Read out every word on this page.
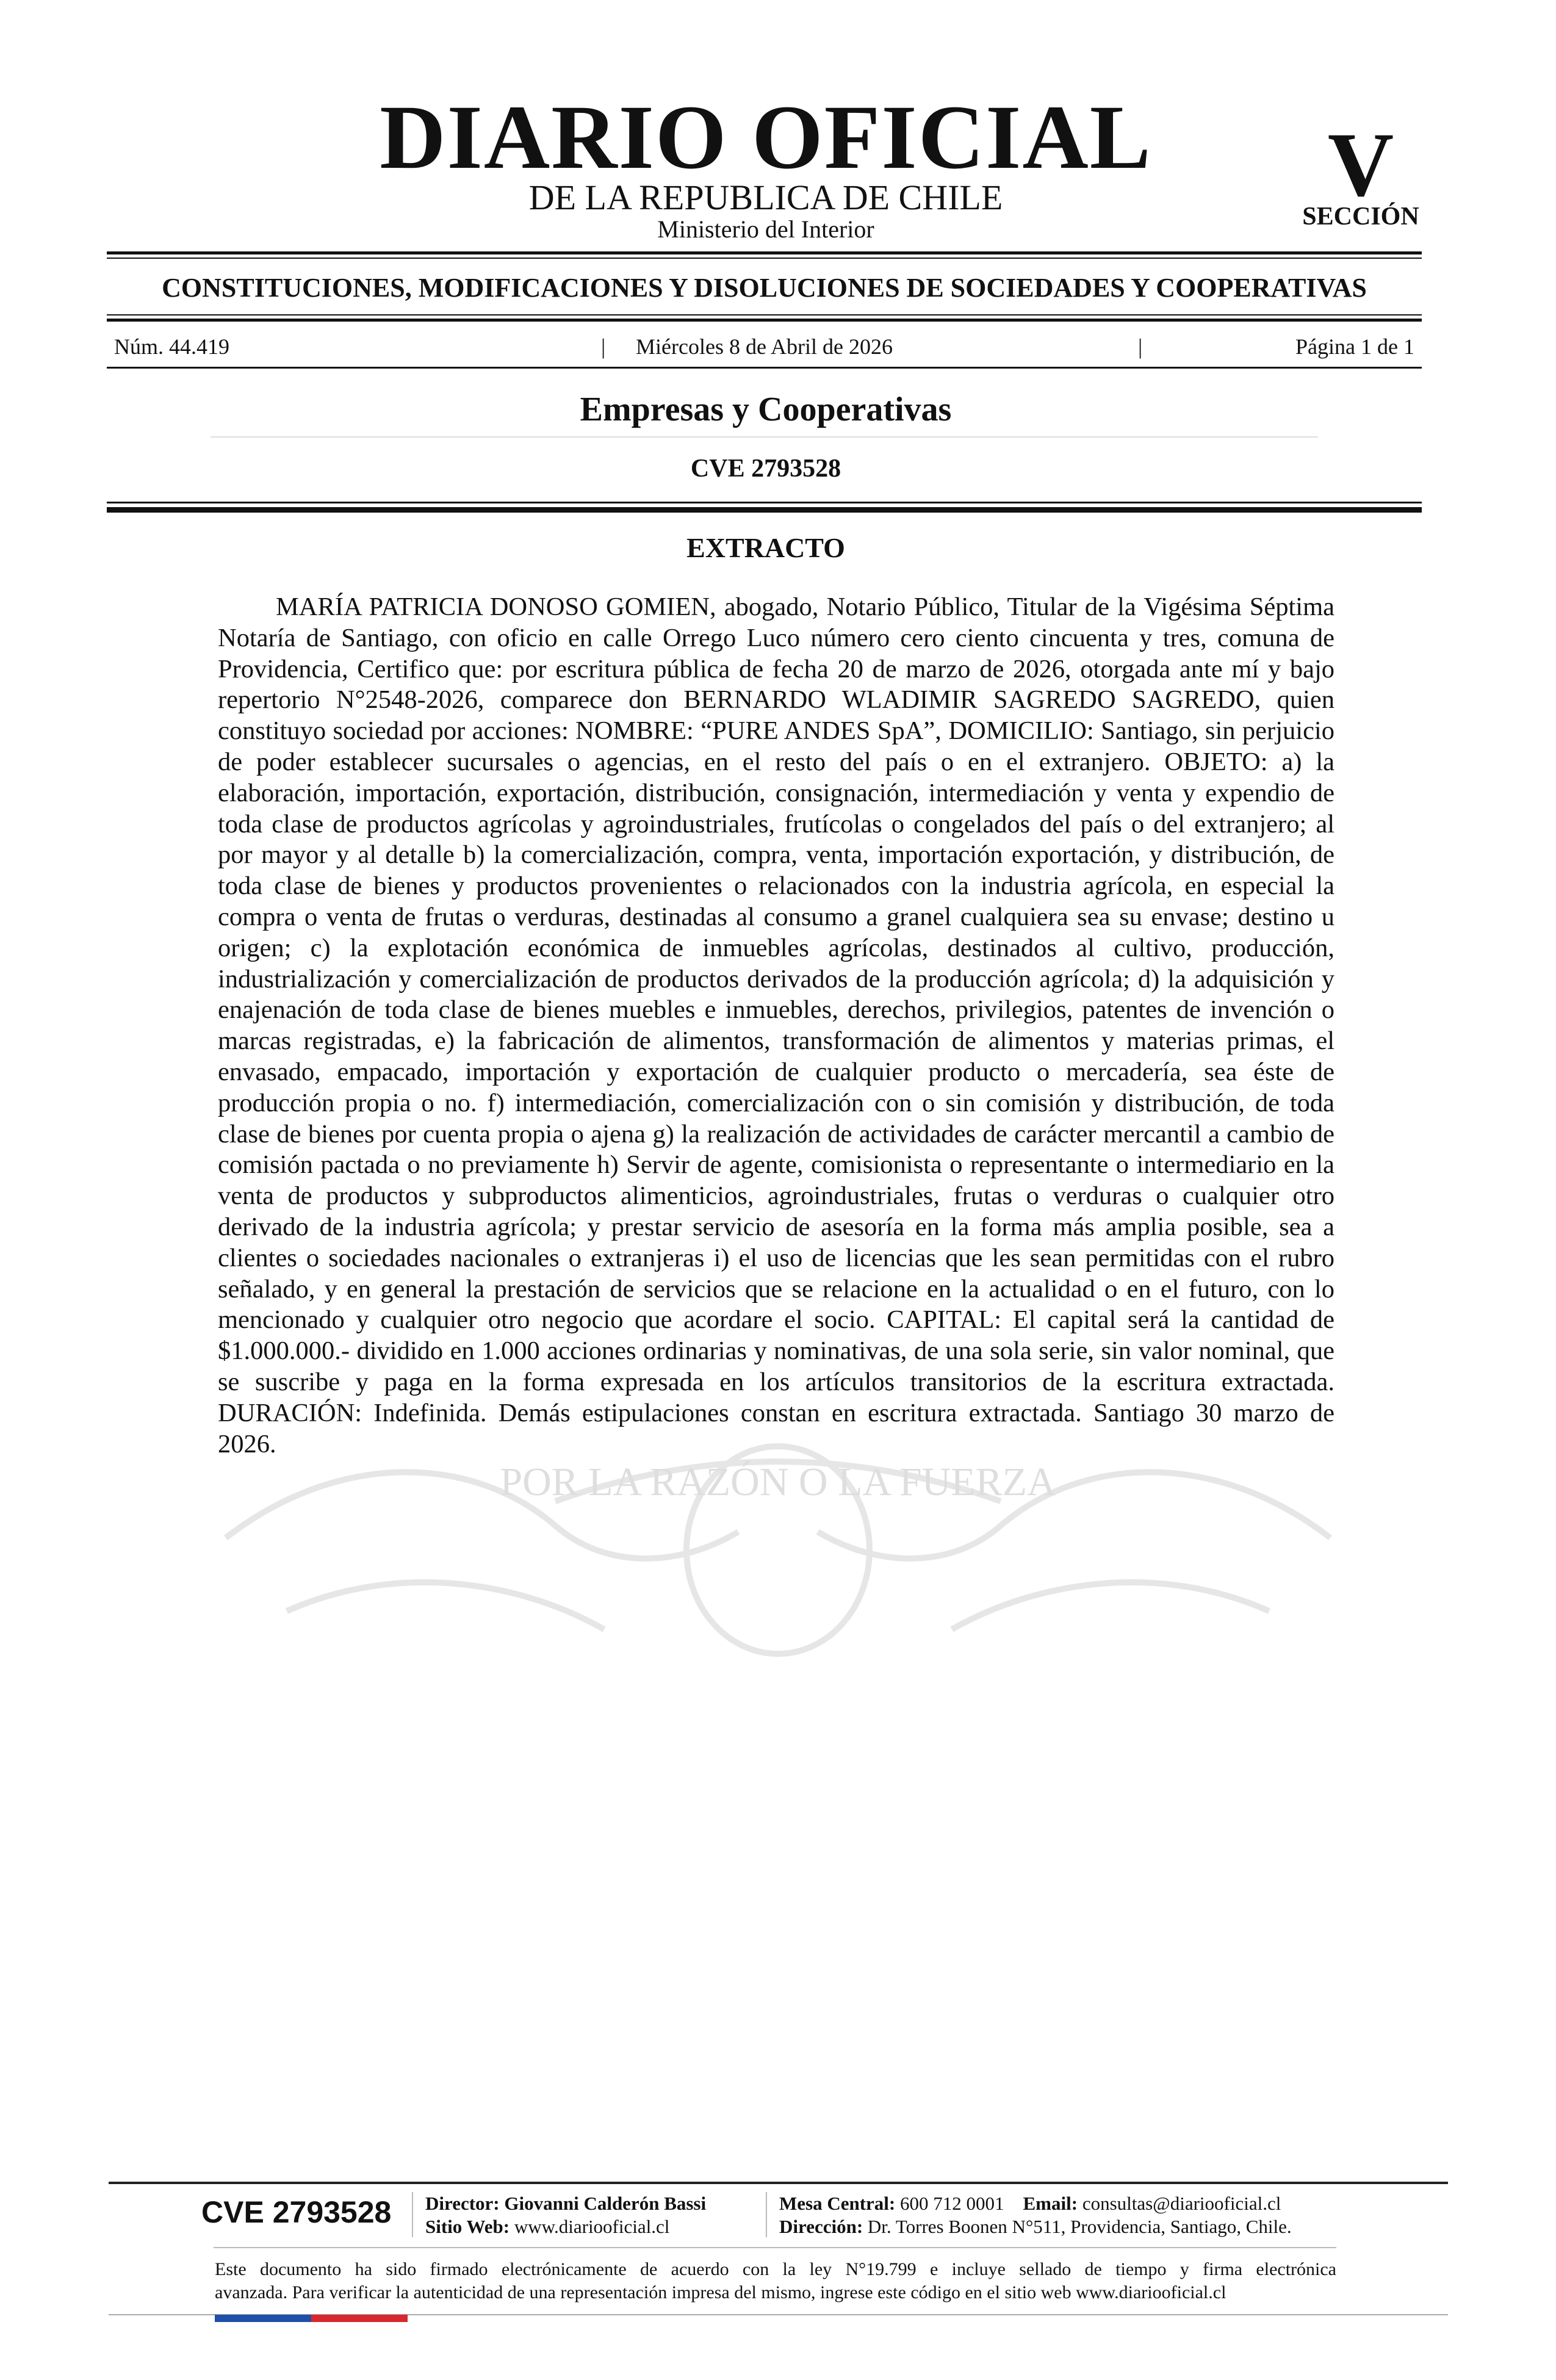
DIARIO OFICIAL
DE LA REPUBLICA DE CHILE
Ministerio del Interior
V
SECCIÓN
CONSTITUCIONES, MODIFICACIONES Y DISOLUCIONES DE SOCIEDADES Y COOPERATIVAS
Núm. 44.419	|	Miércoles 8 de Abril de 2026	|	Página 1 de 1
Empresas y Cooperativas
CVE 2793528
EXTRACTO

MARÍA PATRICIA DONOSO GOMIEN, abogado, Notario Público, Titular de la Vigésima Séptima Notaría de Santiago, con oficio en calle Orrego Luco número cero ciento cincuenta y tres, comuna de Providencia, Certifico que: por escritura pública de fecha 20 de marzo de 2026, otorgada ante mí y bajo repertorio N°2548-2026, comparece don BERNARDO WLADIMIR SAGREDO SAGREDO, quien constituyo sociedad por acciones: NOMBRE: “PURE ANDES SpA”, DOMICILIO: Santiago, sin perjuicio de poder establecer sucursales o agencias, en el resto del país o en el extranjero. OBJETO: a) la elaboración, importación, exportación, distribución, consignación, intermediación y venta y expendio de toda clase de productos agrícolas y agroindustriales, frutícolas o congelados del país o del extranjero; al por mayor y al detalle b) la comercialización, compra, venta, importación exportación, y distribución, de toda clase de bienes y productos provenientes o relacionados con la industria agrícola, en especial la compra o venta de frutas o verduras, destinadas al consumo a granel cualquiera sea su envase; destino u origen; c) la explotación económica de inmuebles agrícolas, destinados al cultivo, producción, industrialización y comercialización de productos derivados de la producción agrícola; d) la adquisición y enajenación de toda clase de bienes muebles e inmuebles, derechos, privilegios, patentes de invención o marcas registradas, e) la fabricación de alimentos, transformación de alimentos y materias primas, el envasado, empacado, importación y exportación de cualquier producto o mercadería, sea éste de producción propia o no. f) intermediación, comercialización con o sin comisión y distribución, de toda clase de bienes por cuenta propia o ajena g) la realización de actividades de carácter mercantil a cambio de comisión pactada o no previamente h) Servir de agente, comisionista o representante o intermediario en la venta de productos y subproductos alimenticios, agroindustriales, frutas o verduras o cualquier otro derivado de la industria agrícola; y prestar servicio de asesoría en la forma más amplia posible, sea a clientes o sociedades nacionales o extranjeras i) el uso de licencias que les sean permitidas con el rubro señalado, y en general la prestación de servicios que se relacione en la actualidad o en el futuro, con lo mencionado y cualquier otro negocio que acordare el socio. CAPITAL: El capital será la cantidad de $1.000.000.- dividido en 1.000 acciones ordinarias y nominativas, de una sola serie, sin valor nominal, que se suscribe y paga en la forma expresada en los artículos transitorios de la escritura extractada. DURACIÓN: Indefinida. Demás estipulaciones constan en escritura extractada. Santiago 30 marzo de 2026.

POR LA RAZÓN O LA FUERZA
CVE 2793528	Director: Giovanni Calderón Bassi
Sitio Web: www.diariooficial.cl
Mesa Central: 600 712 0001 Email: consultas@diariooficial.cl
Dirección: Dr. Torres Boonen N°511, Providencia, Santiago, Chile.
Este documento ha sido firmado electrónicamente de acuerdo con la ley N°19.799 e incluye sellado de tiempo y firma electrónica
avanzada. Para verificar la autenticidad de una representación impresa del mismo, ingrese este código en el sitio web www.diariooficial.cl
